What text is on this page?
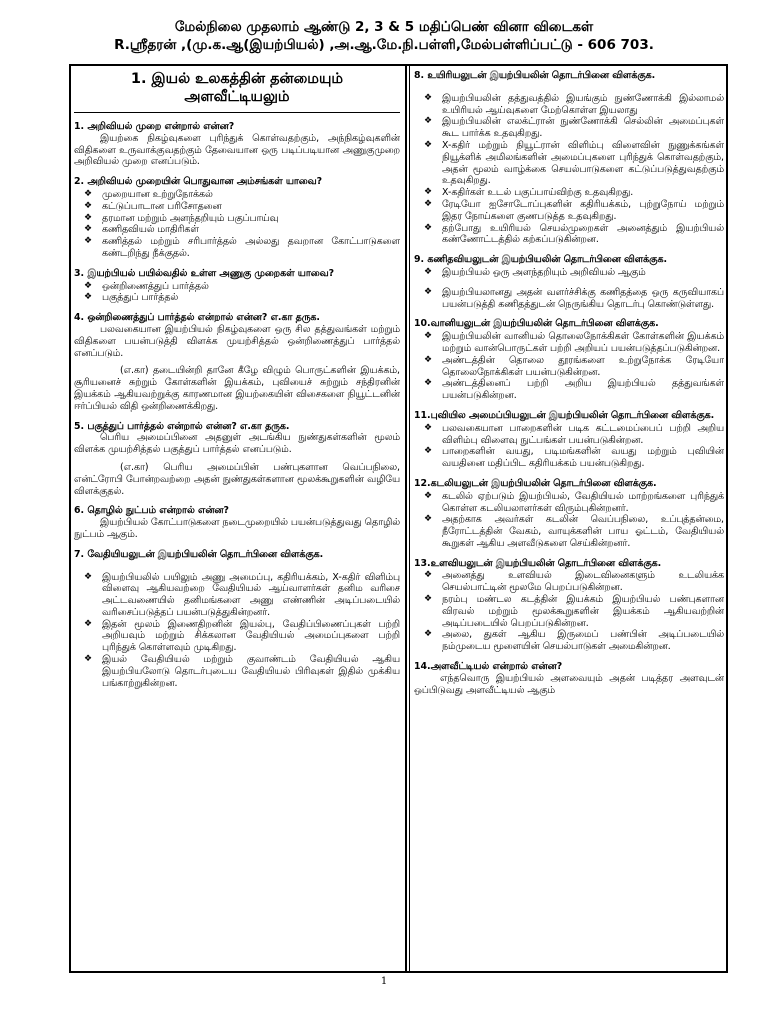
மேல்நிலை முதலாம் ஆண்டு 2, 3 & 5 மதிப்பெண் வினா விடைகள்
R.ஸ்ரீதரன் ,(மு.க.ஆ(இயற்பியல்) ,அ.ஆ.மே.நி.பள்ளி,மேல்பள்ளிப்பட்டு - 606 703.
1. இயல் உலகத்தின் தன்மையும்
அளவீட்டியலும்
1. அறிவியல் முறை என்றால் என்ன?
இயற்கை நிகழ்வுகளை புரிந்துக் கொள்வதற்கும், அந்நிகழ்வுகளின் விதிகளை உருவாக்குவதற்கும் தேவையான ஒரு படிப்படியான அணுகுமுறை அறிவியல் முறை எனப்படும்.
2. அறிவியல் முறையின் பொதுவான அம்சங்கள் யாவை?
❖ முறையான உற்றுநோக்கல்
❖ கட்டுப்பாடான பரிசோதனை
❖ தரமான மற்றும் அளந்தறியும் பகுப்பாய்வு
❖ கணிதவியல் மாதிரிகள்
❖ கணித்தல் மற்றும் சரிபார்த்தல் அல்லது தவறான கோட்பாடுகளை கண்டறிந்து நீக்குதல்.
3. இயற்பியல் பயில்வதில் உள்ள அணுகு முறைகள் யாவை?
❖ ஒன்றிணைத்துப் பார்த்தல்
❖ பகுத்துப் பார்த்தல்
4. ஒன்றிணைத்துப் பார்த்தல் என்றால் என்ன? எ.கா தருக.
பலவகையான இயற்பியல் நிகழ்வுகளை ஒரு சில தத்துவங்கள் மற்றும் விதிகளை பயன்படுத்தி விளக்க முயற்சித்தல் ஒன்றிணைத்துப் பார்த்தல் எனப்படும்.
(எ.கா) தடையின்றி தானே கீழே விழும் பொருட்களின் இயக்கம், சூரியனைச் சுற்றும் கோள்களின் இயக்கம், புவியைச் சுற்றும் சந்திரனின் இயக்கம் ஆகியவற்றுக்கு காரணமான இயற்கையின் விசைகளை நியூட்டனின் ஈர்ப்பியல் விதி ஒன்றிணைக்கிறது.
5. பகுத்துப் பார்த்தல் என்றால் என்ன? எ.கா தருக.
பெரிய அமைப்பினை அதனுள் அடங்கிய நுண்துகள்களின் மூலம் விளக்க முயற்சித்தல் பகுத்துப் பார்த்தல் எனப்படும்.
(எ.கா) பெரிய அமைப்பின் பண்புகளான வெப்பநிலை, என்ட்ரோபி போன்றவற்றை அதன் நுண்துகள்களான மூலக்கூறுகளின் வழியே விளக்குதல்.
6. தொழில் நுட்பம் என்றால் என்ன?
இயற்பியல் கோட்பாடுகளை நடைமுறையில் பயன்படுத்துவது தொழில் நுட்பம் ஆகும்.
7. வேதியியலுடன் இயற்பியலின் தொடர்பினை விளக்குக.
❖ இயற்பியலில் பயிலும் அணு அமைப்பு, கதிரியக்கம், X-கதிர் விளிம்பு விளைவு ஆகியவற்றை வேதியியல் ஆய்வாளர்கள் தனிம வரிசை அட்டவணையில் தனிமங்களை அணு எண்ணின் அடிப்படையில் வரிசைப்படுத்தப் பயன்படுத்துகின்றனர்.
❖ இதன் மூலம் இணைதிறனின் இயல்பு, வேதிப்பிணைப்புகள் பற்றி அறியவும் மற்றும் சிக்கலான வேதியியல் அமைப்புகளை பற்றி புரிந்துக் கொள்ளவும் முடிகிறது.
❖ இயல் வேதியியல் மற்றும் குவாண்டம் வேதியியல் ஆகிய இயற்பியலோடு தொடர்புடைய வேதியியல் பிரிவுகள் இதில் முக்கிய பங்காற்றுகின்றன.
8. உயிரியலுடன் இயற்பியலின் தொடர்பினை விளக்குக.
❖ இயற்பியலின் தத்துவத்தில் இயங்கும் நுண்ணோக்கி இல்லாமல் உயிரியல் ஆய்வுகளை மேற்கொள்ள இயலாது
❖ இயற்பியலின் எலக்ட்ரான் நுண்ணோக்கி செல்லின் அமைப்புகள் கூட பார்க்க உதவுகிறது.
❖ X-கதிர் மற்றும் நியூட்ரான் விளிம்பு விளைவின் நுணுக்கங்கள் நியூக்ளிக் அமிலங்களின் அமைப்புகளை புரிந்துக் கொள்வதற்கும், அதன் மூலம் வாழ்க்கை செயல்பாடுகளை கட்டுப்படுத்துவதற்கும் உதவுகிறது.
❖ X-கதிர்கள் உடல் பகுப்பாய்விற்கு உதவுகிறது.
❖ ரேடியோ ஐசோடோப்புகளின் கதிரியக்கம், புற்றுநோய் மற்றும் இதர நோய்களை குணபடுத்த உதவுகிறது.
❖ தற்போது உயிரியல் செயல்முறைகள் அனைத்தும் இயற்பியல் கண்ணோட்டத்தில் கற்கப்படுகின்றன.
9. கணிதவியலுடன் இயற்பியலின் தொடர்பினை விளக்குக.
❖ இயற்பியல் ஒரு அளந்தறியும் அறிவியல் ஆகும்
❖ இயற்பியலானது அதன் வளர்ச்சிக்கு கணிதத்தை ஒரு கருவியாகப் பயன்படுத்தி கணிதத்துடன் நெருங்கிய தொடர்பு கொண்டுள்ளது.
10.வானியலுடன் இயற்பியலின் தொடர்பினை விளக்குக.
❖ இயற்பியலின் வானியல் தொலைநோக்கிகள் கோள்களின் இயக்கம் மற்றும் வான்பொருட்கள் பற்றி அறியப் பயன்படுத்தப்படுகின்றன.
❖ அண்டத்தின் தொலை தூரங்களை உற்றுநோக்க ரேடியோ தொலைநோக்கிகள் பயன்படுகின்றன.
❖ அண்டத்தினைப் பற்றி அறிய இயற்பியல் தத்துவங்கள் பயன்படுகின்றன.
11.புவியில அமைப்பியலுடன் இயற்பியலின் தொடர்பினை விளக்குக.
❖ பலவகையான பாறைகளின் படிக கட்டமைப்பைப் பற்றி அறிய விளிம்பு விளைவு நுட்பங்கள் பயன்படுகின்றன.
❖ பாறைகளின் வயது, படிமங்களின் வயது மற்றும் புவியின் வயதினை மதிப்பிட கதிரியக்கம் பயன்படுகிறது.
12.கடலியலுடன் இயற்பியலின் தொடர்பினை விளக்குக.
❖ கடலில் ஏற்படும் இயற்பியல், வேதியியல் மாற்றங்களை புரிந்துக் கொள்ள கடலியலாளர்கள் விரும்புகின்றனர்.
❖ அதற்காக அவர்கள் கடலின் வெப்பநிலை, உப்புத்தன்மை, நீரோட்டத்தின் வேகம், வாயுக்களின் பாய ஓட்டம், வேதியியல் கூறுகள் ஆகிய அளவீடுகளை செய்கின்றனர்.
13.உளவியலுடன் இயற்பியலின் தொடர்பினை விளக்குக.
❖ அனைத்து உளவியல் இடைவினைகளும் உடலியக்க செயல்பாட்டின் மூலமே பெறப்படுகின்றன.
❖ நரம்பு மண்டல கடத்தின் இயக்கம் இயற்பியல் பண்புகளான விரவல் மற்றும் மூலக்கூறுகளின் இயக்கம் ஆகியவற்றின் அடிப்படையில் பெறப்படுகின்றன.
❖ அலை, துகள் ஆகிய இருமைப் பண்பின் அடிப்படையில் நம்முடைய மூளையின் செயல்பாடுகள் அமைகின்றன.
14.அளவீட்டியல் என்றால் என்ன?
எந்தவொரு இயற்பியல் அளவையும் அதன் படித்தர அளவுடன் ஒப்பிடுவது அளவீட்டியல் ஆகும்
1
